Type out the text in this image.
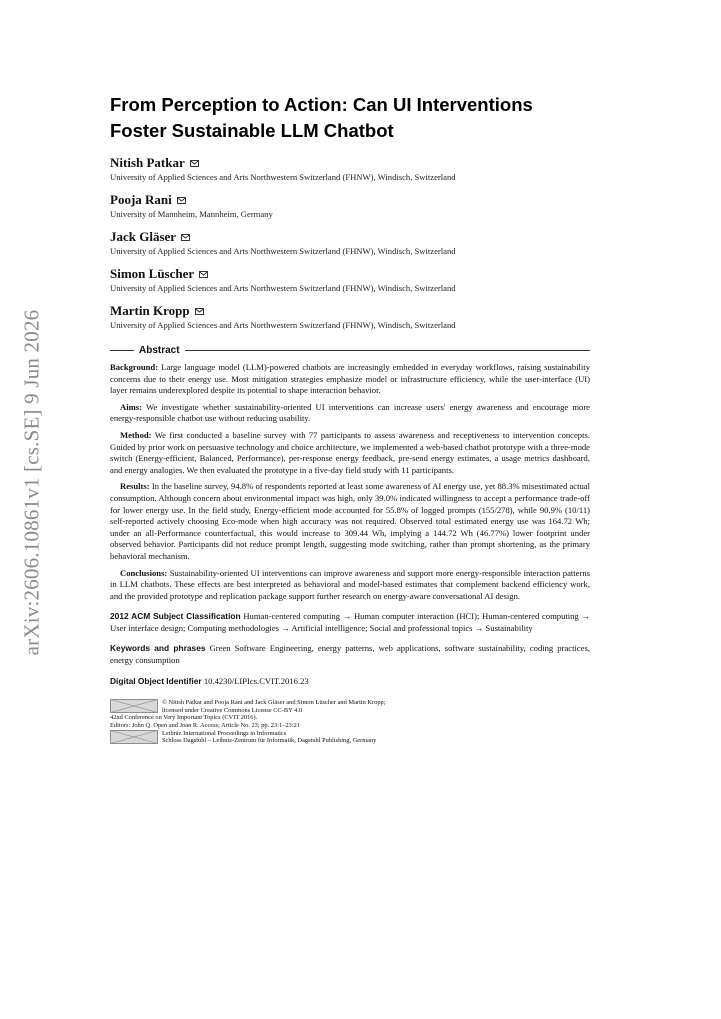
arXiv:2606.10861v1 [cs.SE] 9 Jun 2026
From Perception to Action: Can UI Interventions
Foster Sustainable LLM Chatbot
Nitish Patkar
University of Applied Sciences and Arts Northwestern Switzerland (FHNW), Windisch, Switzerland
Pooja Rani
University of Mannheim, Mannheim, Germany
Jack Gläser
University of Applied Sciences and Arts Northwestern Switzerland (FHNW), Windisch, Switzerland
Simon Lüscher
University of Applied Sciences and Arts Northwestern Switzerland (FHNW), Windisch, Switzerland
Martin Kropp
University of Applied Sciences and Arts Northwestern Switzerland (FHNW), Windisch, Switzerland
Abstract

Background: Large language model (LLM)-powered chatbots are increasingly embedded in everyday workflows, raising sustainability concerns due to their energy use. Most mitigation strategies emphasize model or infrastructure efficiency, while the user-interface (UI) layer remains underexplored despite its potential to shape interaction behavior.

Aims: We investigate whether sustainability-oriented UI interventions can increase users' energy awareness and encourage more energy-responsible chatbot use without reducing usability.

Method: We first conducted a baseline survey with 77 participants to assess awareness and receptiveness to intervention concepts. Guided by prior work on persuasive technology and choice architecture, we implemented a web-based chatbot prototype with a three-mode switch (Energy-efficient, Balanced, Performance), per-response energy feedback, pre-send energy estimates, a usage metrics dashboard, and energy analogies. We then evaluated the prototype in a five-day field study with 11 participants.

Results: In the baseline survey, 94.8% of respondents reported at least some awareness of AI energy use, yet 88.3% misestimated actual consumption. Although concern about environmental impact was high, only 39.0% indicated willingness to accept a performance trade-off for lower energy use. In the field study, Energy-efficient mode accounted for 55.8% of logged prompts (155/278), while 90.9% (10/11) self-reported actively choosing Eco-mode when high accuracy was not required. Observed total estimated energy use was 164.72 Wh; under an all-Performance counterfactual, this would increase to 309.44 Wh, implying a 144.72 Wh (46.77%) lower footprint under observed behavior. Participants did not reduce prompt length, suggesting mode switching, rather than prompt shortening, as the primary behavioral mechanism.

Conclusions: Sustainability-oriented UI interventions can improve awareness and support more energy-responsible interaction patterns in LLM chatbots. These effects are best interpreted as behavioral and model-based estimates that complement backend efficiency work, and the provided prototype and replication package support further research on energy-aware conversational AI design.

2012 ACM Subject Classification Human-centered computing → Human computer interaction (HCI); Human-centered computing → User interface design; Computing methodologies → Artificial intelligence; Social and professional topics → Sustainability
Keywords and phrases Green Software Engineering, energy patterns, web applications, software sustainability, coding practices, energy consumption
Digital Object Identifier 10.4230/LIPIcs.CVIT.2016.23
© Nitish Patkar and Pooja Rani and Jack Gläser and Simon Lüscher and Martin Kropp;
licensed under Creative Commons License CC-BY 4.0
42nd Conference on Very Important Topics (CVIT 2016).
Editors: John Q. Open and Joan R. Access; Article No. 23; pp. 23:1–23:21
Leibniz International Proceedings in Informatics
Schloss Dagstuhl – Leibniz-Zentrum für Informatik, Dagstuhl Publishing, Germany
